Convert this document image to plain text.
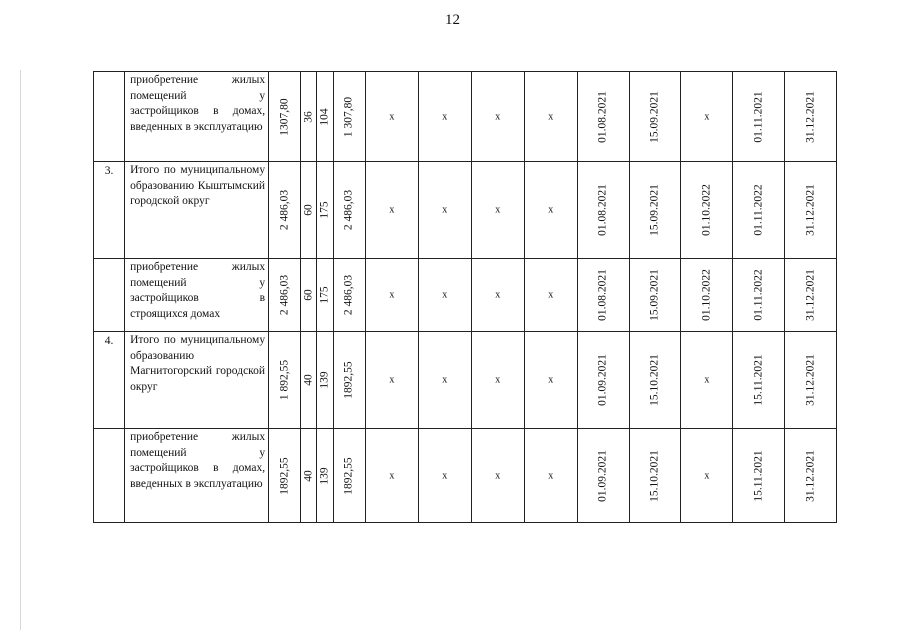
12

	приобретение жилых помещений у застройщиков в домах, введенных в эксплуатацию	1307,80	36	104	1 307,80	x	x	x	x	01.08.2021	15.09.2021	x	01.11.2021	31.12.2021

3.	Итого по муниципальному образованию Кыштымский городской округ	2 486,03	60	175	2 486,03	x	x	x	x	01.08.2021	15.09.2021	01.10.2022	01.11.2022	31.12.2021

	приобретение жилых помещений у застройщиков в строящихся домах	2 486,03	60	175	2 486,03	x	x	x	x	01.08.2021	15.09.2021	01.10.2022	01.11.2022	31.12.2021

4.	Итого по муниципальному образованию Магнитогорский городской округ	1 892,55	40	139	1892,55	x	x	x	x	01.09.2021	15.10.2021	x	15.11.2021	31.12.2021

	приобретение жилых помещений у застройщиков в домах, введенных в эксплуатацию	1892,55	40	139	1892,55	x	x	x	x	01.09.2021	15.10.2021	x	15.11.2021	31.12.2021
